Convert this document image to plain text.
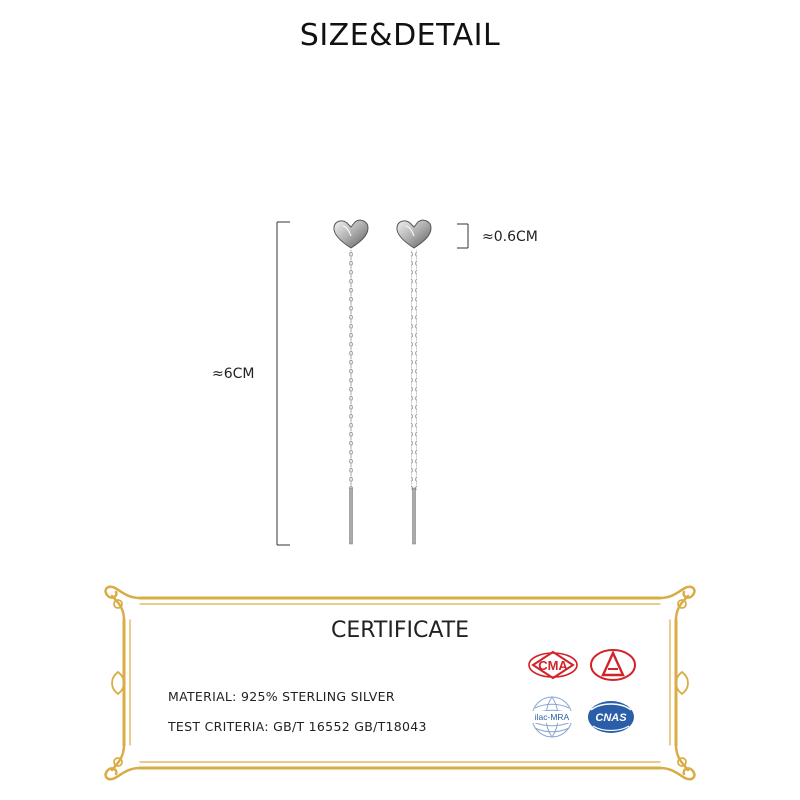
SIZE&DETAIL
≈6CM
≈0.6CM
CERTIFICATE
MATERIAL: 925% STERLING SILVER
TEST CRITERIA: GB/T 16552 GB/T18043
CMA
ilac-MRA CNAS
